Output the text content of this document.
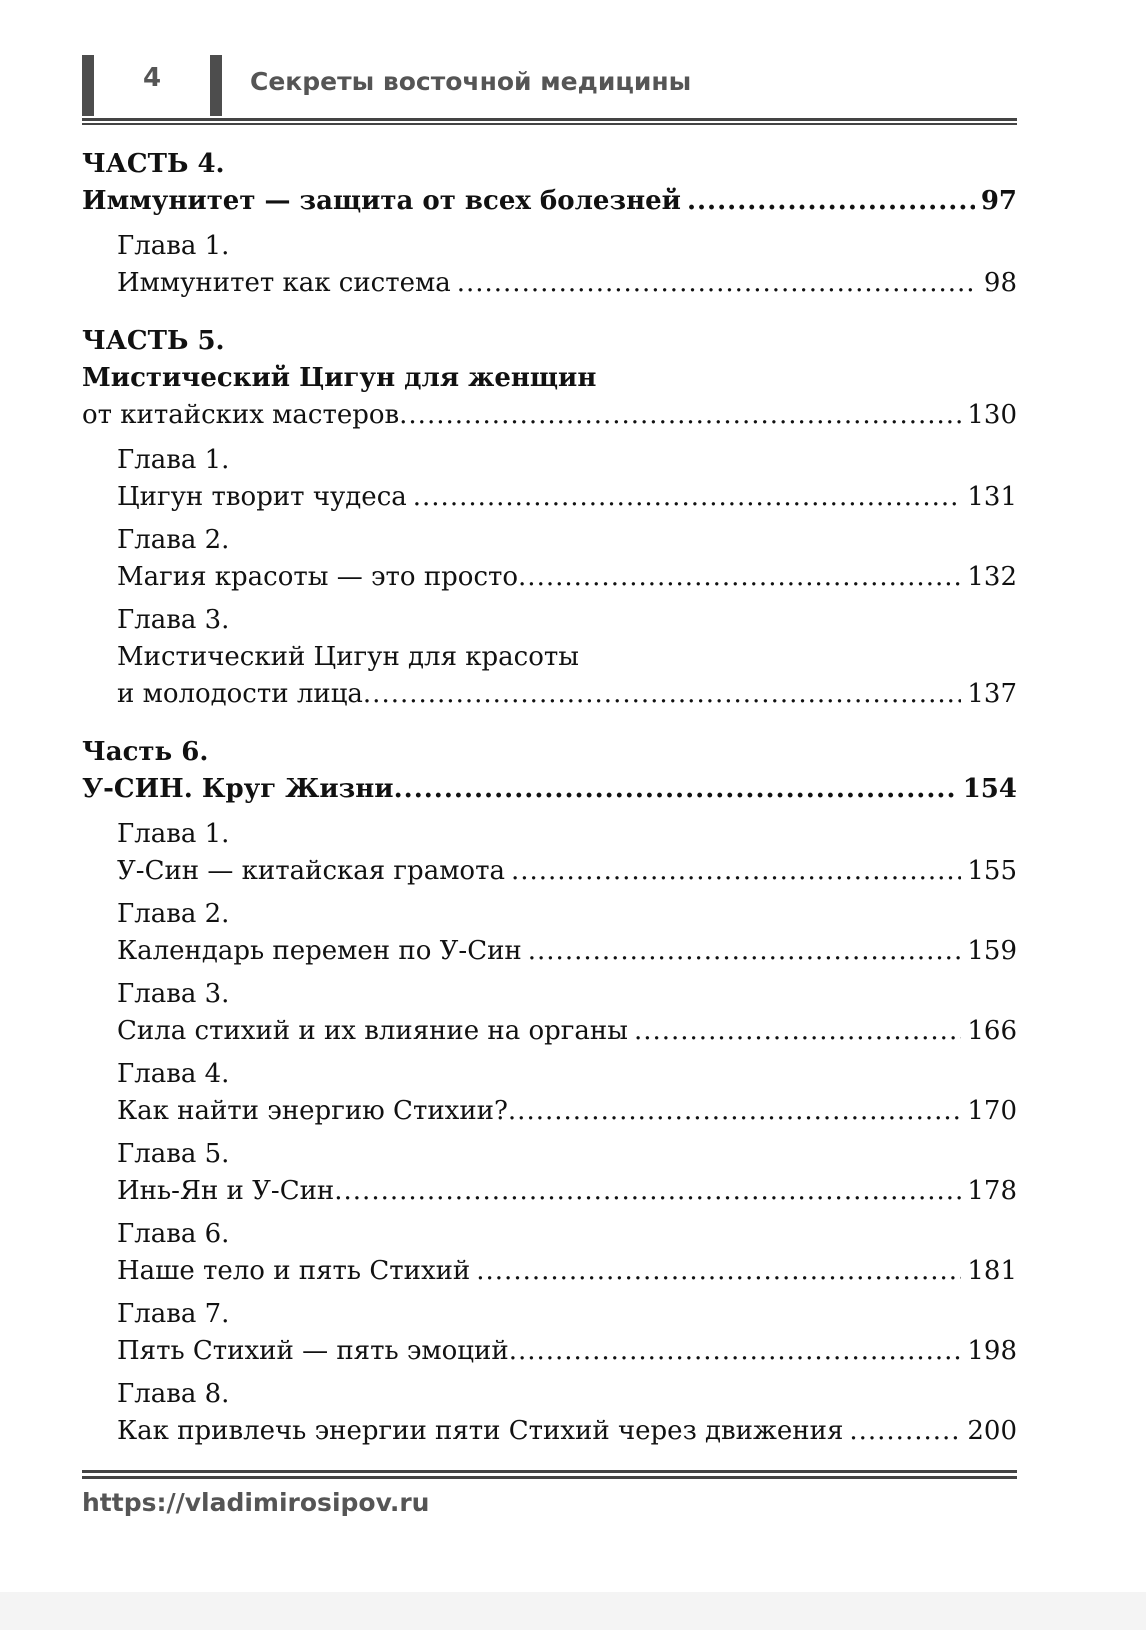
4	Секреты восточной медицины
ЧАСТЬ 4.
Иммунитет — защита от всех болезней .....	97
Глава 1.
Иммунитет как система .....	98
ЧАСТЬ 5.
Мистический Цигун для женщин
от китайских мастеров .....	130
Глава 1.
Цигун творит чудеса .....	131
Глава 2.
Магия красоты — это просто .....	132
Глава 3.
Мистический Цигун для красоты
и молодости лица .....	137
Часть 6.
У-СИН. Круг Жизни .....	154
Глава 1.
У-Син — китайская грамота .....	155
Глава 2.
Календарь перемен по У-Син .....	159
Глава 3.
Сила стихий и их влияние на органы .....	166
Глава 4.
Как найти энергию Стихии? .....	170
Глава 5.
Инь-Ян и У-Син .....	178
Глава 6.
Наше тело и пять Стихий .....	181
Глава 7.
Пять Стихий — пять эмоций .....	198
Глава 8.
Как привлечь энергии пяти Стихий через движения .....	200
https://vladimirosipov.ru
